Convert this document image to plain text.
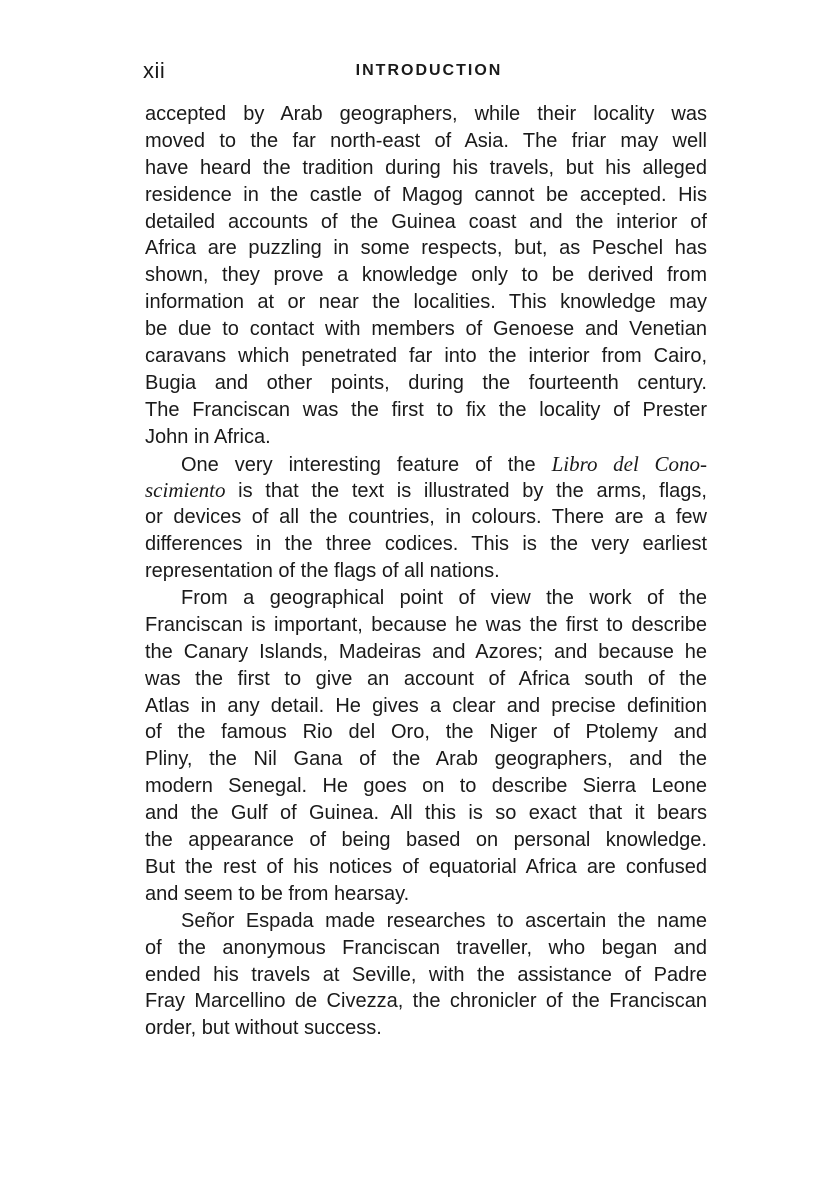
xii	INTRODUCTION
accepted by Arab geographers, while their locality was
moved to the far north-east of Asia. The friar may well
have heard the tradition during his travels, but his alleged
residence in the castle of Magog cannot be accepted. His
detailed accounts of the Guinea coast and the interior of
Africa are puzzling in some respects, but, as Peschel has
shown, they prove a knowledge only to be derived from
information at or near the localities. This knowledge may
be due to contact with members of Genoese and Venetian
caravans which penetrated far into the interior from Cairo,
Bugia and other points, during the fourteenth century.
The Franciscan was the first to fix the locality of Prester
John in Africa.
One very interesting feature of the Libro del Cono-
scimiento is that the text is illustrated by the arms, flags,
or devices of all the countries, in colours. There are a few
differences in the three codices. This is the very earliest
representation of the flags of all nations.
From a geographical point of view the work of the
Franciscan is important, because he was the first to describe
the Canary Islands, Madeiras and Azores; and because he
was the first to give an account of Africa south of the
Atlas in any detail. He gives a clear and precise definition
of the famous Rio del Oro, the Niger of Ptolemy and
Pliny, the Nil Gana of the Arab geographers, and the
modern Senegal. He goes on to describe Sierra Leone
and the Gulf of Guinea. All this is so exact that it bears
the appearance of being based on personal knowledge.
But the rest of his notices of equatorial Africa are confused
and seem to be from hearsay.
Señor Espada made researches to ascertain the name
of the anonymous Franciscan traveller, who began and
ended his travels at Seville, with the assistance of Padre
Fray Marcellino de Civezza, the chronicler of the Franciscan
order, but without success.
